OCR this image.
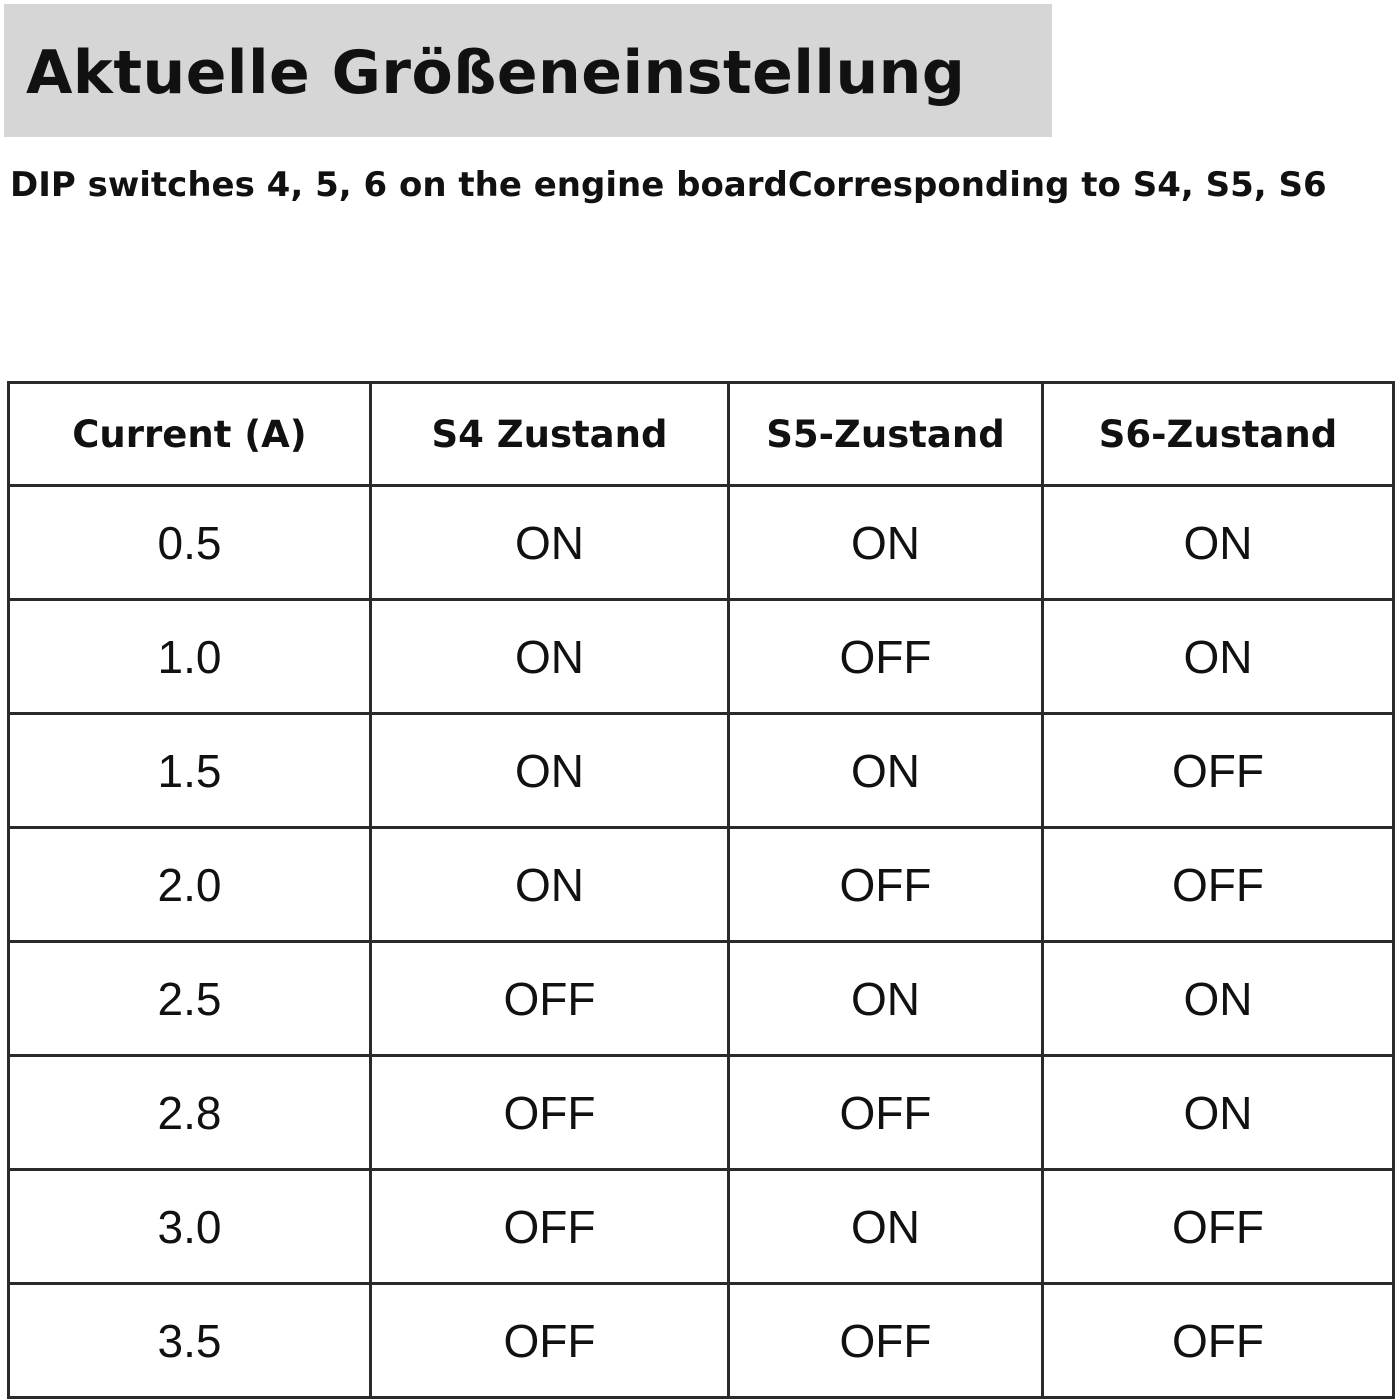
Aktuelle Größeneinstellung
DIP switches 4, 5, 6 on the engine boardCorresponding to S4, S5, S6
Current (A)	S4 Zustand	S5-Zustand	S6-Zustand
0.5	ON	ON	ON
1.0	ON	OFF	ON
1.5	ON	ON	OFF
2.0	ON	OFF	OFF
2.5	OFF	ON	ON
2.8	OFF	OFF	ON
3.0	OFF	ON	OFF
3.5	OFF	OFF	OFF
